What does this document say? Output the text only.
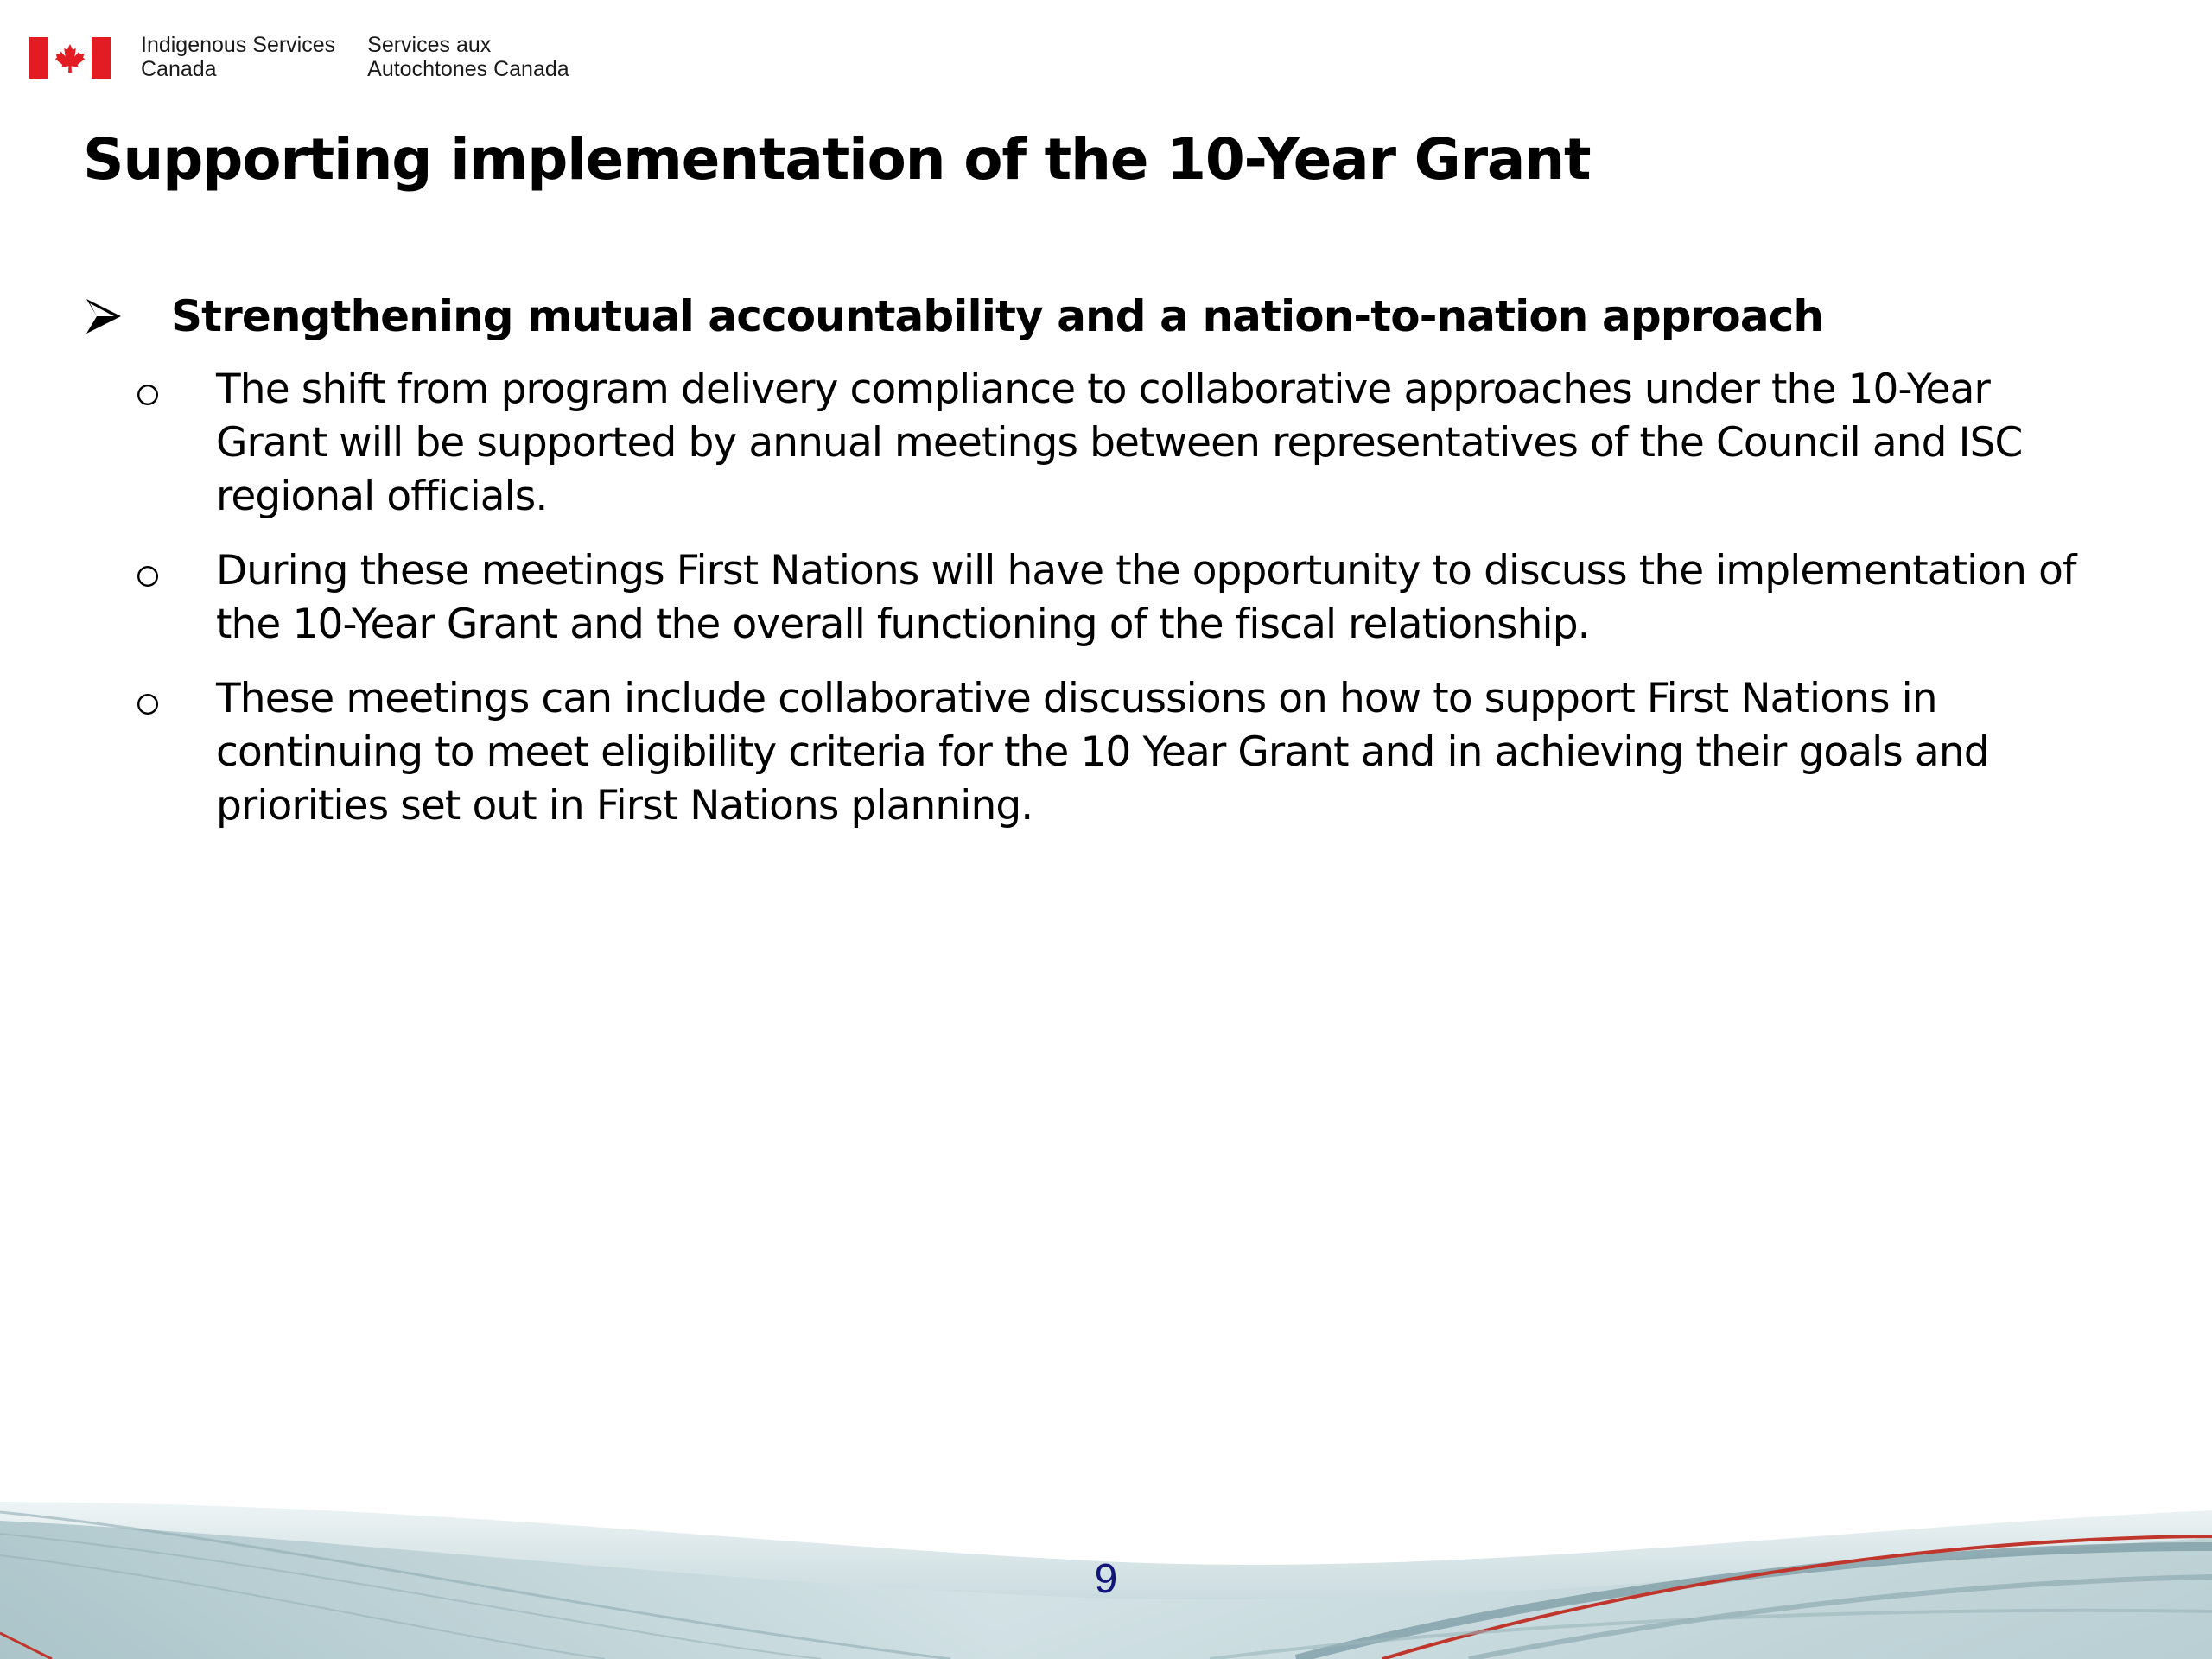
Indigenous Services
Canada
Services aux
Autochtones Canada
Supporting implementation of the 10-Year Grant
Strengthening mutual accountability and a nation-to-nation approach
The shift from program delivery compliance to collaborative approaches under the 10-Year Grant will be supported by annual meetings between representatives of the Council and ISC regional officials.
During these meetings First Nations will have the opportunity to discuss the implementation of the 10-Year Grant and the overall functioning of the fiscal relationship.
These meetings can include collaborative discussions on how to support First Nations in continuing to meet eligibility criteria for the 10 Year Grant and in achieving their goals and priorities set out in First Nations planning.
9
